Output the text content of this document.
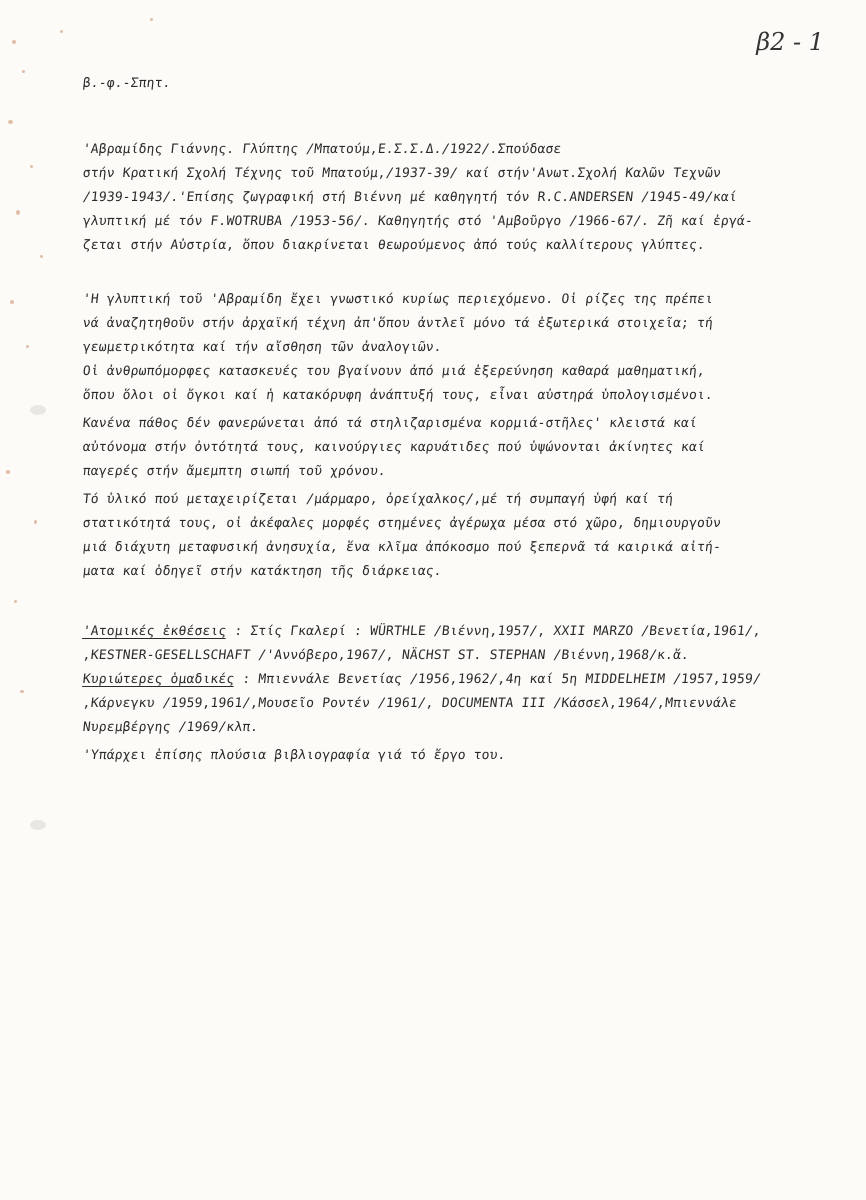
β2 - 1
β.-φ.-Σπητ.
'Αβραμίδης Γιάννης. Γλύπτης /Μπατούμ,Ε.Σ.Σ.Δ./1922/.Σπούδασε
στήν Κρατική Σχολή Τέχνης τοῦ Μπατούμ,/1937-39/ καί στήν'Ανωτ.Σχολή Καλῶν Τεχνῶν
/1939-1943/.'Επίσης ζωγραφική στή Βιέννη μέ καθηγητή τόν R.C.ANDERSEN /1945-49/καί
γλυπτική μέ τόν F.WOTRUBA /1953-56/. Καθηγητής στό 'Αμβοῦργο /1966-67/. Ζῆ καί ἐργά-
ζεται στήν Αὐστρία, ὅπου διακρίνεται θεωρούμενος ἀπό τούς καλλίτερους γλύπτες.
'Η γλυπτική τοῦ 'Αβραμίδη ἔχει γνωστικό κυρίως περιεχόμενο. Οἱ ρίζες της πρέπει
νά ἀναζητηθοῦν στήν ἀρχαϊκή τέχνη ἀπ'ὅπου ἀντλεῖ μόνο τά ἐξωτερικά στοιχεῖα; τή
γεωμετρικότητα καί τήν αἴσθηση τῶν ἀναλογιῶν.
Οἱ ἀνθρωπόμορφες κατασκευές του βγαίνουν ἀπό μιά ἐξερεύνηση καθαρά μαθηματική,
ὅπου ὅλοι οἱ ὄγκοι καί ἡ κατακόρυφη ἀνάπτυξή τους, εἶναι αὐστηρά ὑπολογισμένοι.
Κανένα πάθος δέν φανερώνεται ἀπό τά στηλιζαρισμένα κορμιά-στῆλες' κλειστά καί
αὐτόνομα στήν ὀντότητά τους, καινούργιες καρυάτιδες πού ὑψώνονται ἀκίνητες καί
παγερές στήν ἄμεμπτη σιωπή τοῦ χρόνου.
Τό ὑλικό πού μεταχειρίζεται /μάρμαρο, ὀρείχαλκος/,μέ τή συμπαγή ὑφή καί τή
στατικότητά τους, οἱ ἀκέφαλες μορφές στημένες ἀγέρωχα μέσα στό χῶρο, δημιουργοῦν
μιά διάχυτη μεταφυσική ἀνησυχία, ἕνα κλῖμα ἀπόκοσμο πού ξεπερνᾶ τά καιρικά αἰτή-
ματα καί ὁδηγεῖ στήν κατάκτηση τῆς διάρκειας.
'Ατομικές ἐκθέσεις : Στίς Γκαλερί : WÜRTHLE /Βιέννη,1957/, XXII MARZO /Βενετία,1961/,
,KESTNER-GESELLSCHAFT /'Αννόβερο,1967/, NÄCHST ST. STEPHAN /Βιέννη,1968/κ.ἄ.
Κυριώτερες ὁμαδικές : Μπιεννάλε Βενετίας /1956,1962/,4η καί 5η MIDDELHEIM /1957,1959/
,Κάρνεγκυ /1959,1961/,Μουσεῖο Ροντέν /1961/, DOCUMENTA III /Κάσσελ,1964/,Μπιεννάλε
Νυρεμβέργης /1969/κλπ.
'Υπάρχει ἐπίσης πλούσια βιβλιογραφία γιά τό ἔργο του.
